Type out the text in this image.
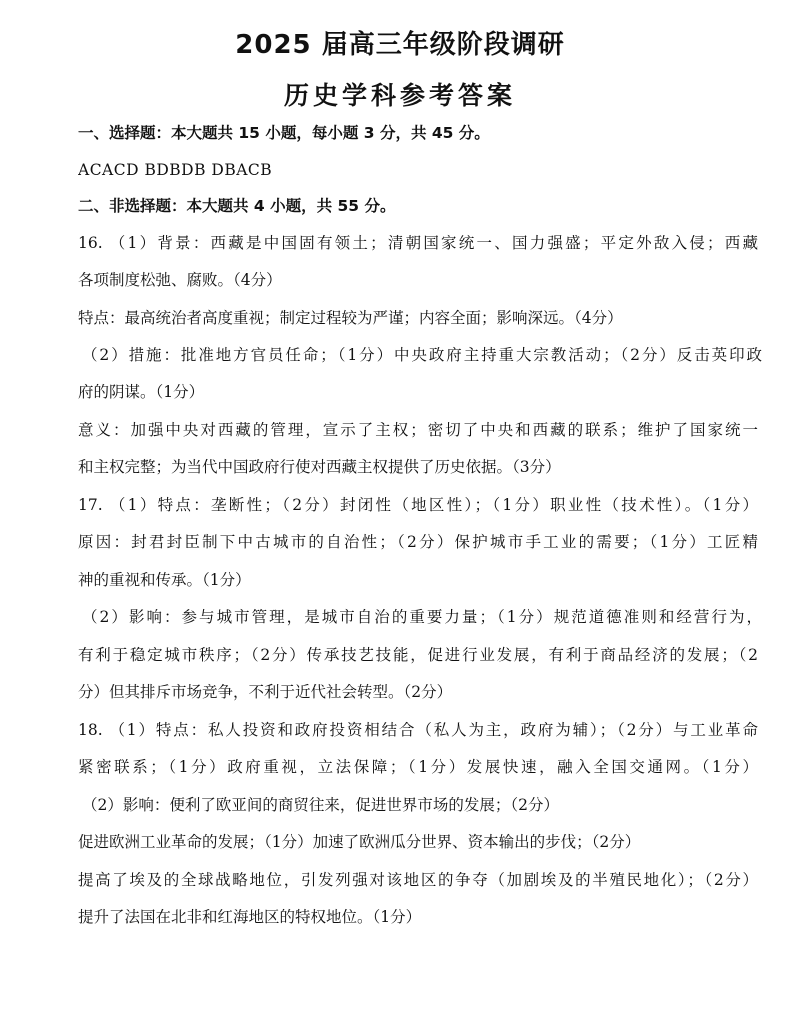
2025 届高三年级阶段调研
历史学科参考答案
一、选择题：本大题共 15 小题，每小题 3 分，共 45 分。
ACACD BDBDB DBACB
二、非选择题：本大题共 4 小题，共 55 分。
16. （1）背景：西藏是中国固有领土；清朝国家统一、国力强盛；平定外敌入侵；西藏
各项制度松弛、腐败。（4分）
特点：最高统治者高度重视；制定过程较为严谨；内容全面；影响深远。（4分）
（2）措施：批准地方官员任命；（1分）中央政府主持重大宗教活动；（2分）反击英印政
府的阴谋。（1分）
意义：加强中央对西藏的管理，宣示了主权；密切了中央和西藏的联系；维护了国家统一
和主权完整；为当代中国政府行使对西藏主权提供了历史依据。（3分）
17. （1）特点：垄断性；（2分）封闭性（地区性）；（1分）职业性（技术性）。（1分）
原因：封君封臣制下中古城市的自治性；（2分）保护城市手工业的需要；（1分）工匠精
神的重视和传承。（1分）
（2）影响：参与城市管理，是城市自治的重要力量；（1分）规范道德准则和经营行为，
有利于稳定城市秩序；（2分）传承技艺技能，促进行业发展，有利于商品经济的发展；（2
分）但其排斥市场竞争，不利于近代社会转型。（2分）
18. （1）特点：私人投资和政府投资相结合（私人为主，政府为辅）；（2分）与工业革命
紧密联系；（1分）政府重视，立法保障；（1分）发展快速，融入全国交通网。（1分）
（2）影响：便利了欧亚间的商贸往来，促进世界市场的发展；（2分）
促进欧洲工业革命的发展；（1分）加速了欧洲瓜分世界、资本输出的步伐；（2分）
提高了埃及的全球战略地位，引发列强对该地区的争夺（加剧埃及的半殖民地化）；（2分）
提升了法国在北非和红海地区的特权地位。（1分）
